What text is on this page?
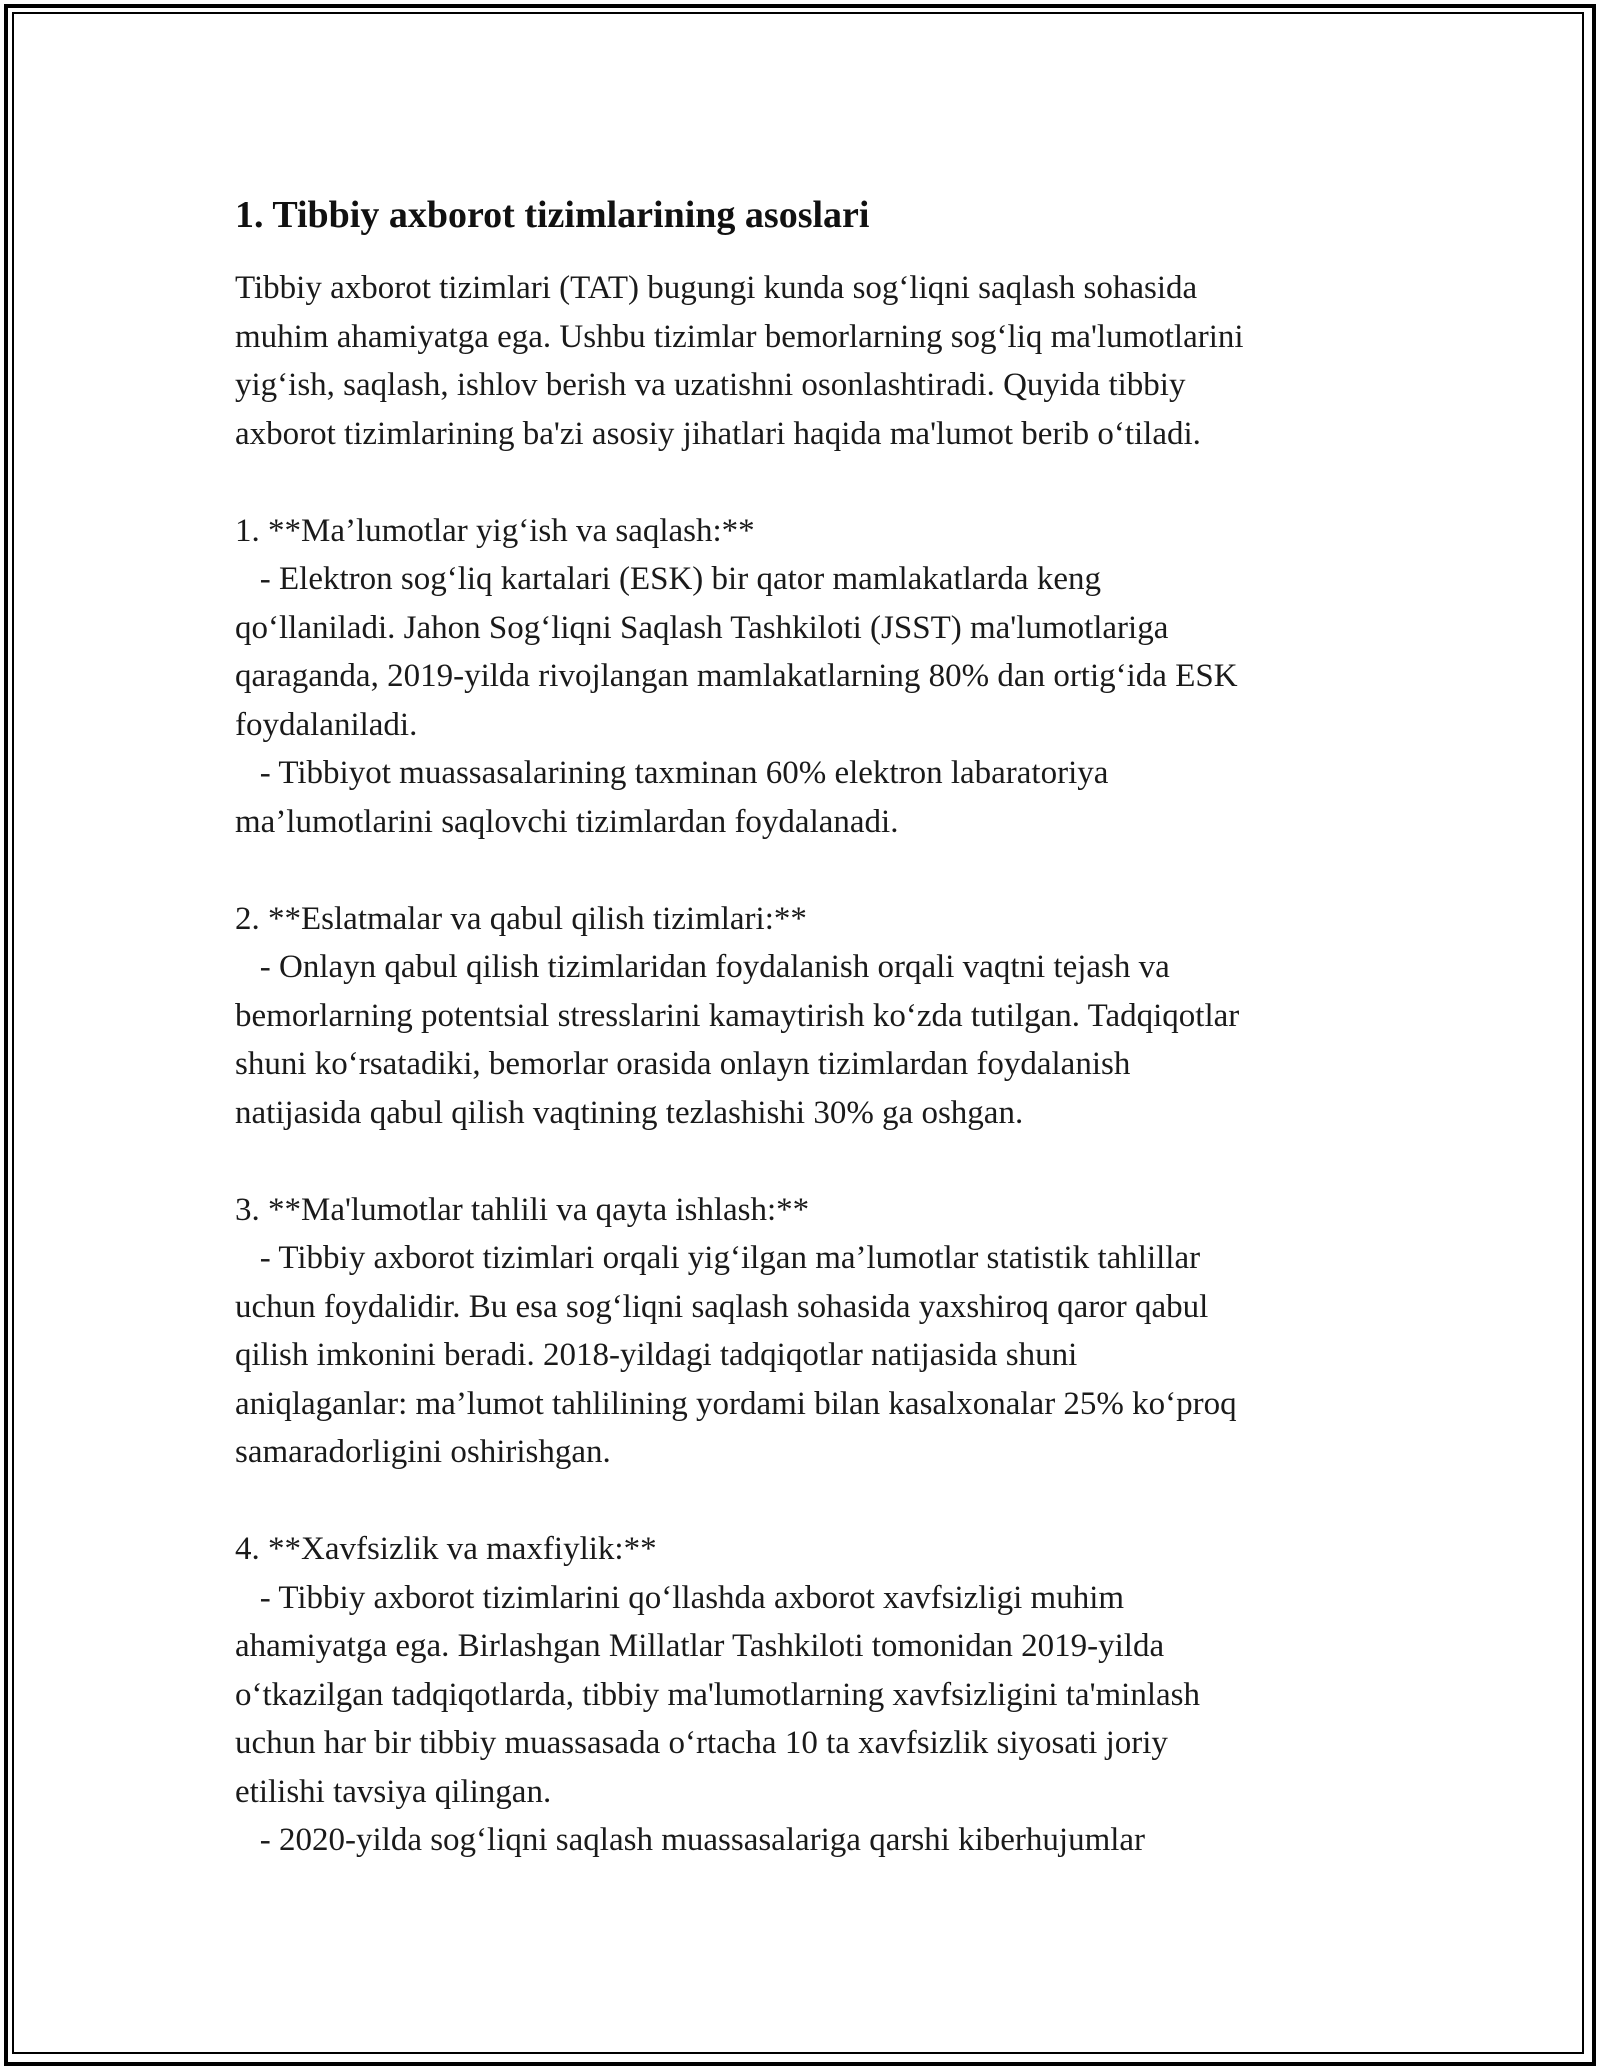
1. Tibbiy axborot tizimlarining asoslari
Tibbiy axborot tizimlari (TAT) bugungi kunda sog‘liqni saqlash sohasida
muhim ahamiyatga ega. Ushbu tizimlar bemorlarning sog‘liq ma'lumotlarini
yig‘ish, saqlash, ishlov berish va uzatishni osonlashtiradi. Quyida tibbiy
axborot tizimlarining ba'zi asosiy jihatlari haqida ma'lumot berib o‘tiladi.

1. **Ma’lumotlar yig‘ish va saqlash:**
- Elektron sog‘liq kartalari (ESK) bir qator mamlakatlarda keng
qo‘llaniladi. Jahon Sog‘liqni Saqlash Tashkiloti (JSST) ma'lumotlariga
qaraganda, 2019-yilda rivojlangan mamlakatlarning 80% dan ortig‘ida ESK
foydalaniladi.
- Tibbiyot muassasalarining taxminan 60% elektron labaratoriya
ma’lumotlarini saqlovchi tizimlardan foydalanadi.

2. **Eslatmalar va qabul qilish tizimlari:**
- Onlayn qabul qilish tizimlaridan foydalanish orqali vaqtni tejash va
bemorlarning potentsial stresslarini kamaytirish ko‘zda tutilgan. Tadqiqotlar
shuni ko‘rsatadiki, bemorlar orasida onlayn tizimlardan foydalanish
natijasida qabul qilish vaqtining tezlashishi 30% ga oshgan.

3. **Ma'lumotlar tahlili va qayta ishlash:**
- Tibbiy axborot tizimlari orqali yig‘ilgan ma’lumotlar statistik tahlillar
uchun foydalidir. Bu esa sog‘liqni saqlash sohasida yaxshiroq qaror qabul
qilish imkonini beradi. 2018-yildagi tadqiqotlar natijasida shuni
aniqlaganlar: ma’lumot tahlilining yordami bilan kasalxonalar 25% ko‘proq
samaradorligini oshirishgan.

4. **Xavfsizlik va maxfiylik:**
- Tibbiy axborot tizimlarini qo‘llashda axborot xavfsizligi muhim
ahamiyatga ega. Birlashgan Millatlar Tashkiloti tomonidan 2019-yilda
o‘tkazilgan tadqiqotlarda, tibbiy ma'lumotlarning xavfsizligini ta'minlash
uchun har bir tibbiy muassasada o‘rtacha 10 ta xavfsizlik siyosati joriy
etilishi tavsiya qilingan.
- 2020-yilda sog‘liqni saqlash muassasalariga qarshi kiberhujumlar
